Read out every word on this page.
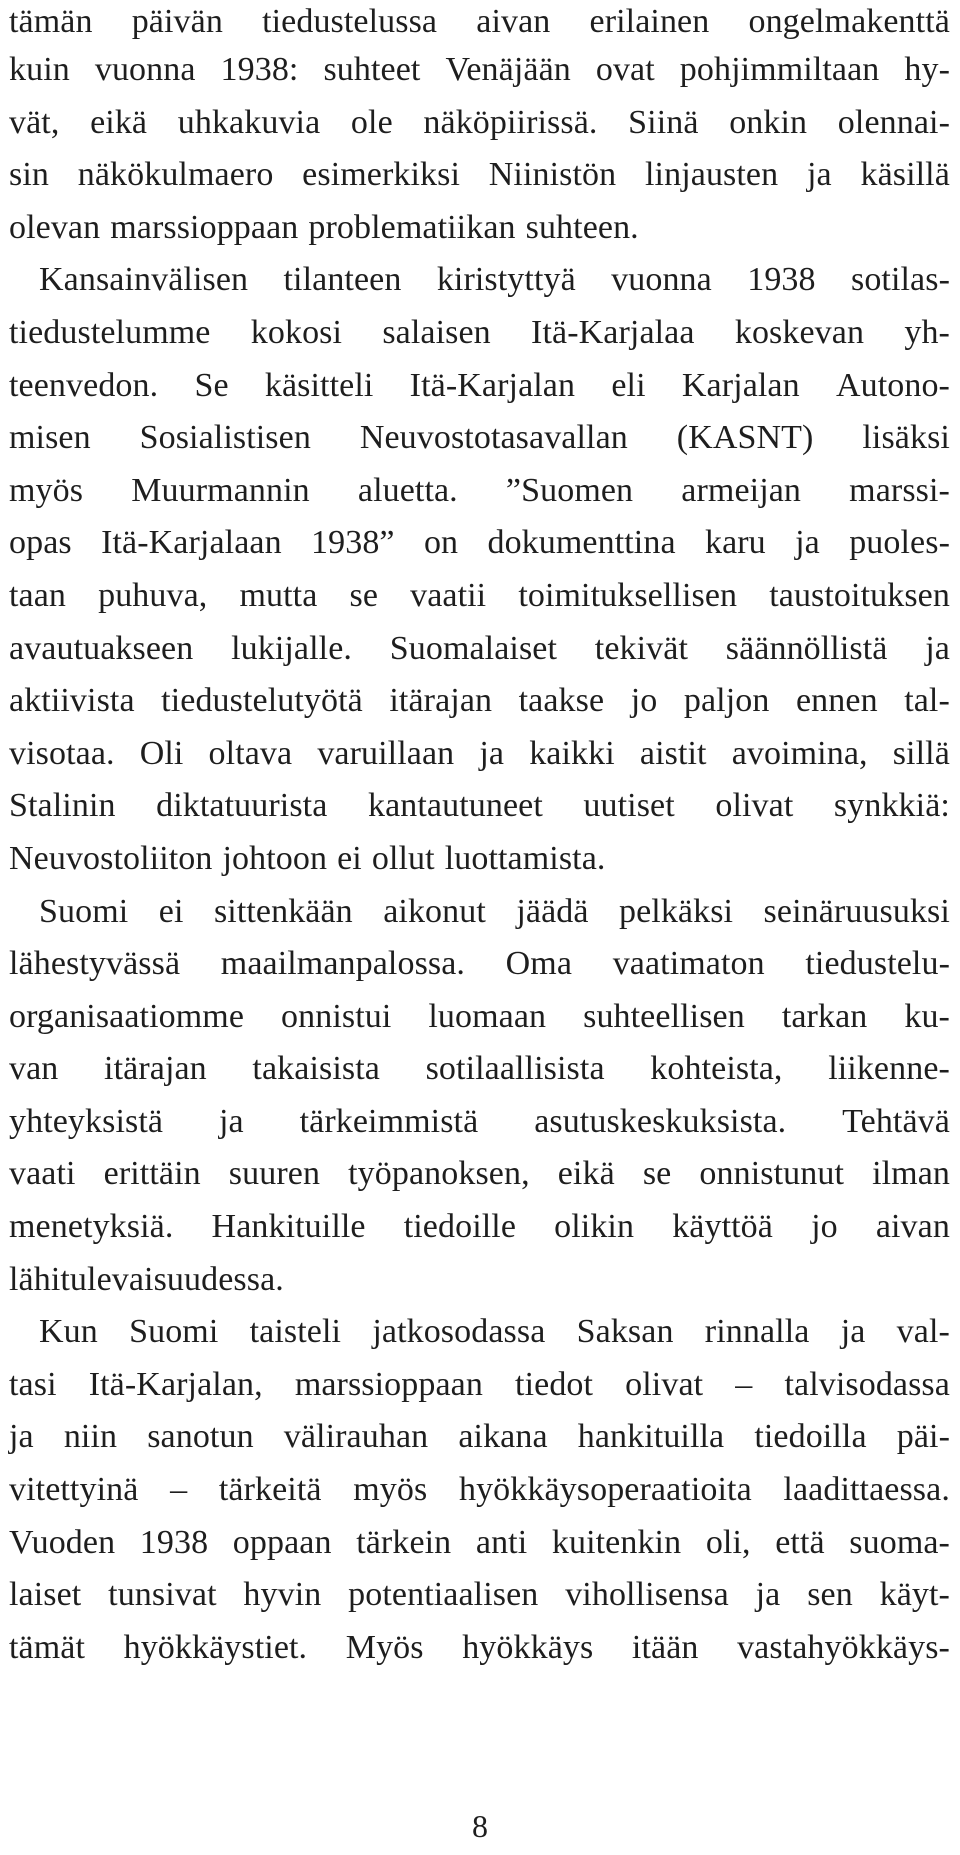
tämän päivän tiedustelussa aivan erilainen ongelmakenttä
kuin vuonna 1938: suhteet Venäjään ovat pohjimmiltaan hy-
vät, eikä uhkakuvia ole näköpiirissä. Siinä onkin olennai-
sin näkökulmaero esimerkiksi Niinistön linjausten ja käsillä
olevan marssioppaan problematiikan suhteen.
Kansainvälisen tilanteen kiristyttyä vuonna 1938 sotilas-
tiedustelumme kokosi salaisen Itä-Karjalaa koskevan yh-
teenvedon. Se käsitteli Itä-Karjalan eli Karjalan Autono-
misen Sosialistisen Neuvostotasavallan (KASNT) lisäksi
myös Muurmannin aluetta. ”Suomen armeijan marssi-
opas Itä-Karjalaan 1938” on dokumenttina karu ja puoles-
taan puhuva, mutta se vaatii toimituksellisen taustoituksen
avautuakseen lukijalle. Suomalaiset tekivät säännöllistä ja
aktiivista tiedustelutyötä itärajan taakse jo paljon ennen tal-
visotaa. Oli oltava varuillaan ja kaikki aistit avoimina, sillä
Stalinin diktatuurista kantautuneet uutiset olivat synkkiä:
Neuvostoliiton johtoon ei ollut luottamista.
Suomi ei sittenkään aikonut jäädä pelkäksi seinäruusuksi
lähestyvässä maailmanpalossa. Oma vaatimaton tiedustelu-
organisaatiomme onnistui luomaan suhteellisen tarkan ku-
van itärajan takaisista sotilaallisista kohteista, liikenne-
yhteyksistä ja tärkeimmistä asutuskeskuksista. Tehtävä
vaati erittäin suuren työpanoksen, eikä se onnistunut ilman
menetyksiä. Hankituille tiedoille olikin käyttöä jo aivan
lähitulevaisuudessa.
Kun Suomi taisteli jatkosodassa Saksan rinnalla ja val-
tasi Itä-Karjalan, marssioppaan tiedot olivat – talvisodassa
ja niin sanotun välirauhan aikana hankituilla tiedoilla päi-
vitettyinä – tärkeitä myös hyökkäysoperaatioita laadittaessa.
Vuoden 1938 oppaan tärkein anti kuitenkin oli, että suoma-
laiset tunsivat hyvin potentiaalisen vihollisensa ja sen käyt-
tämät hyökkäystiet. Myös hyökkäys itään vastahyökkäys-
8
